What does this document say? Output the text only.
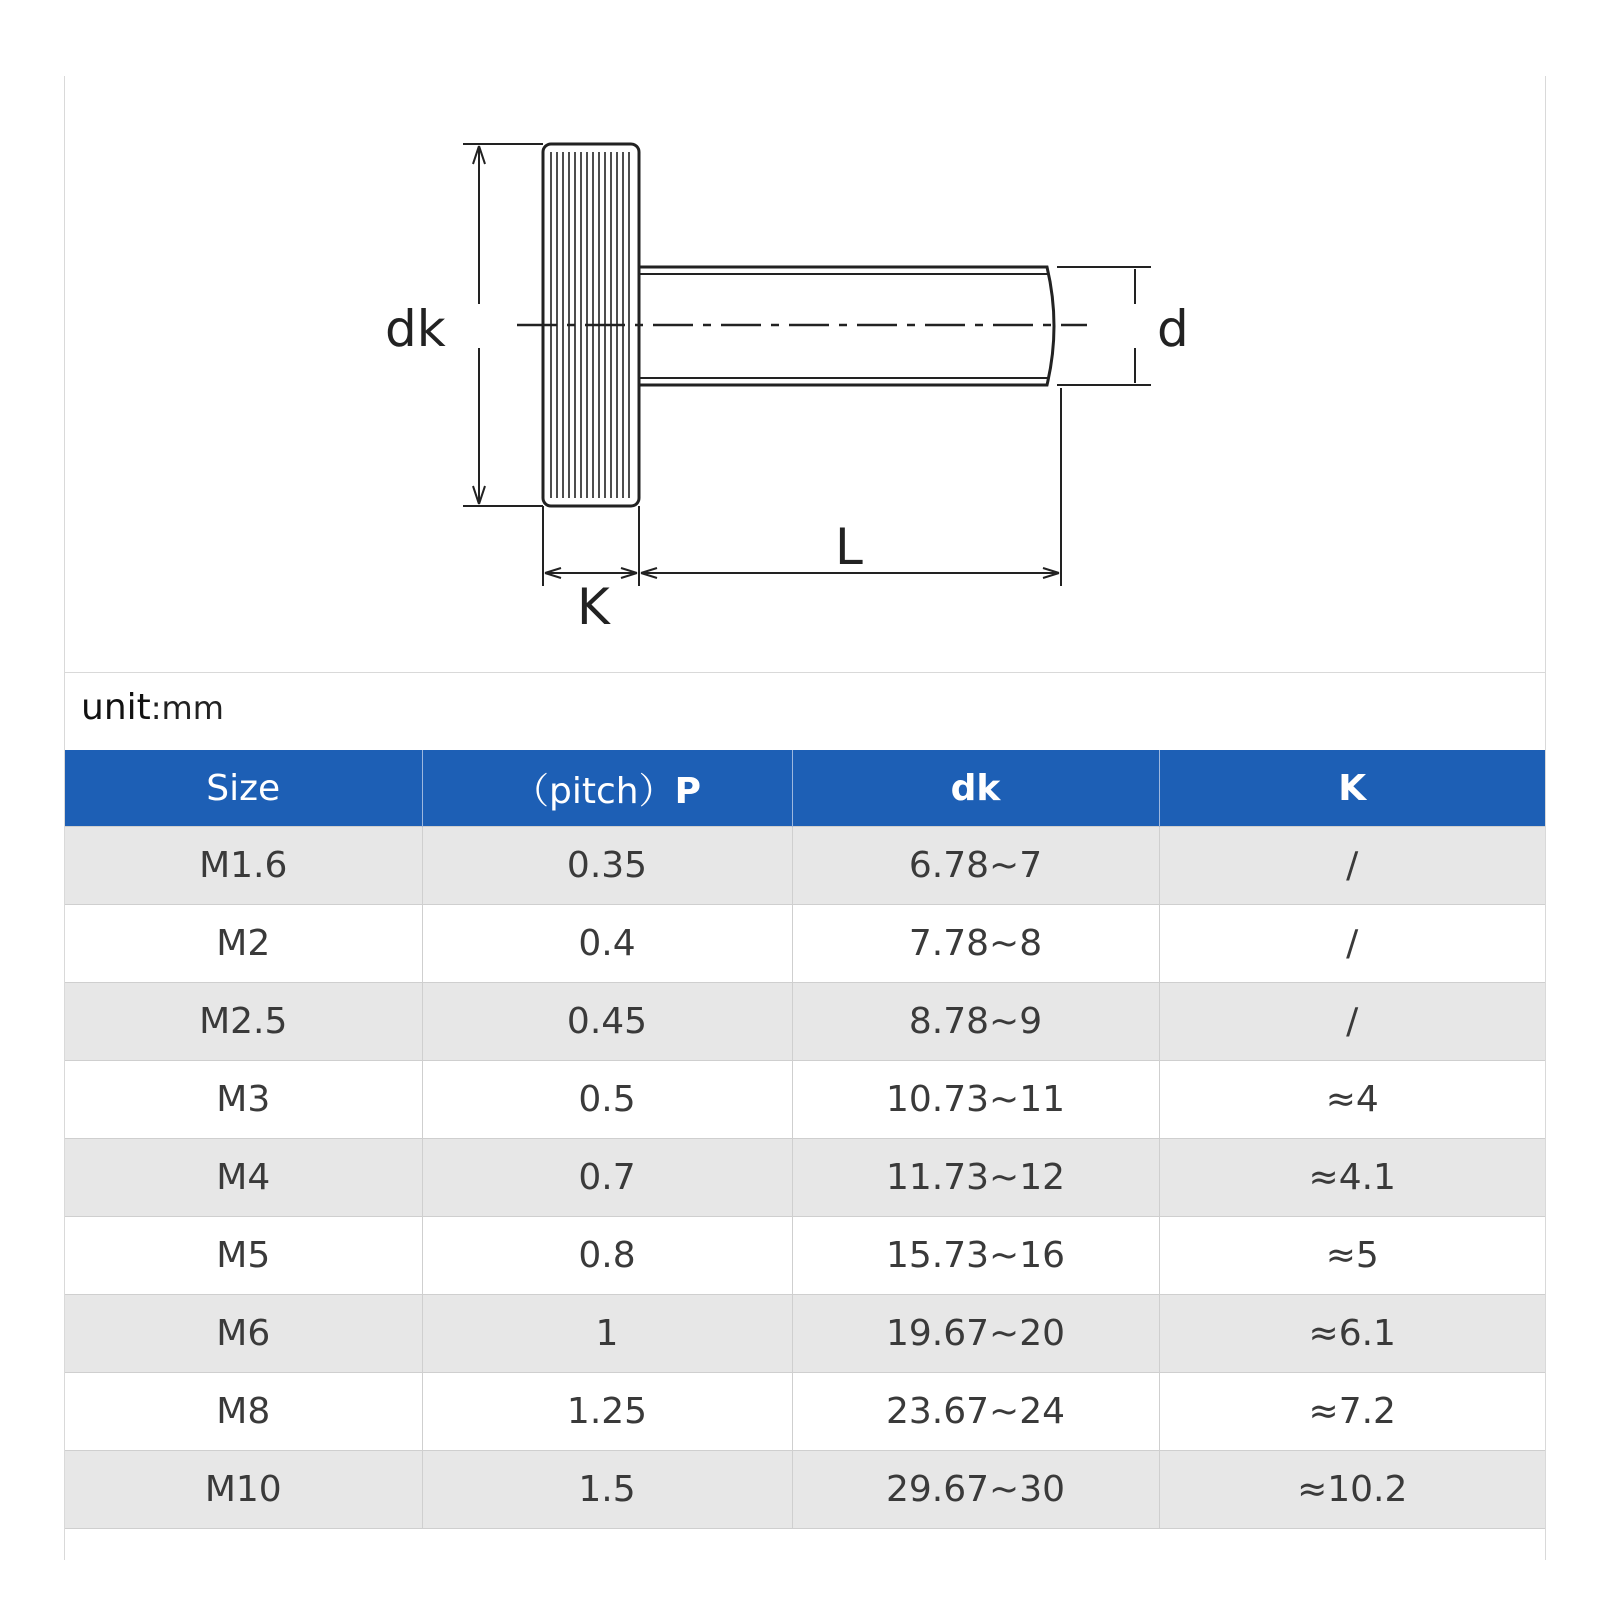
dk	d
L
K
unit:mm
Size	（pitch）P	dk	K
M1.6	0.35	6.78~7	/
M2	0.4	7.78~8	/
M2.5	0.45	8.78~9	/
M3	0.5	10.73~11	≈4
M4	0.7	11.73~12	≈4.1
M5	0.8	15.73~16	≈5
M6	1	19.67~20	≈6.1
M8	1.25	23.67~24	≈7.2
M10	1.5	29.67~30	≈10.2
